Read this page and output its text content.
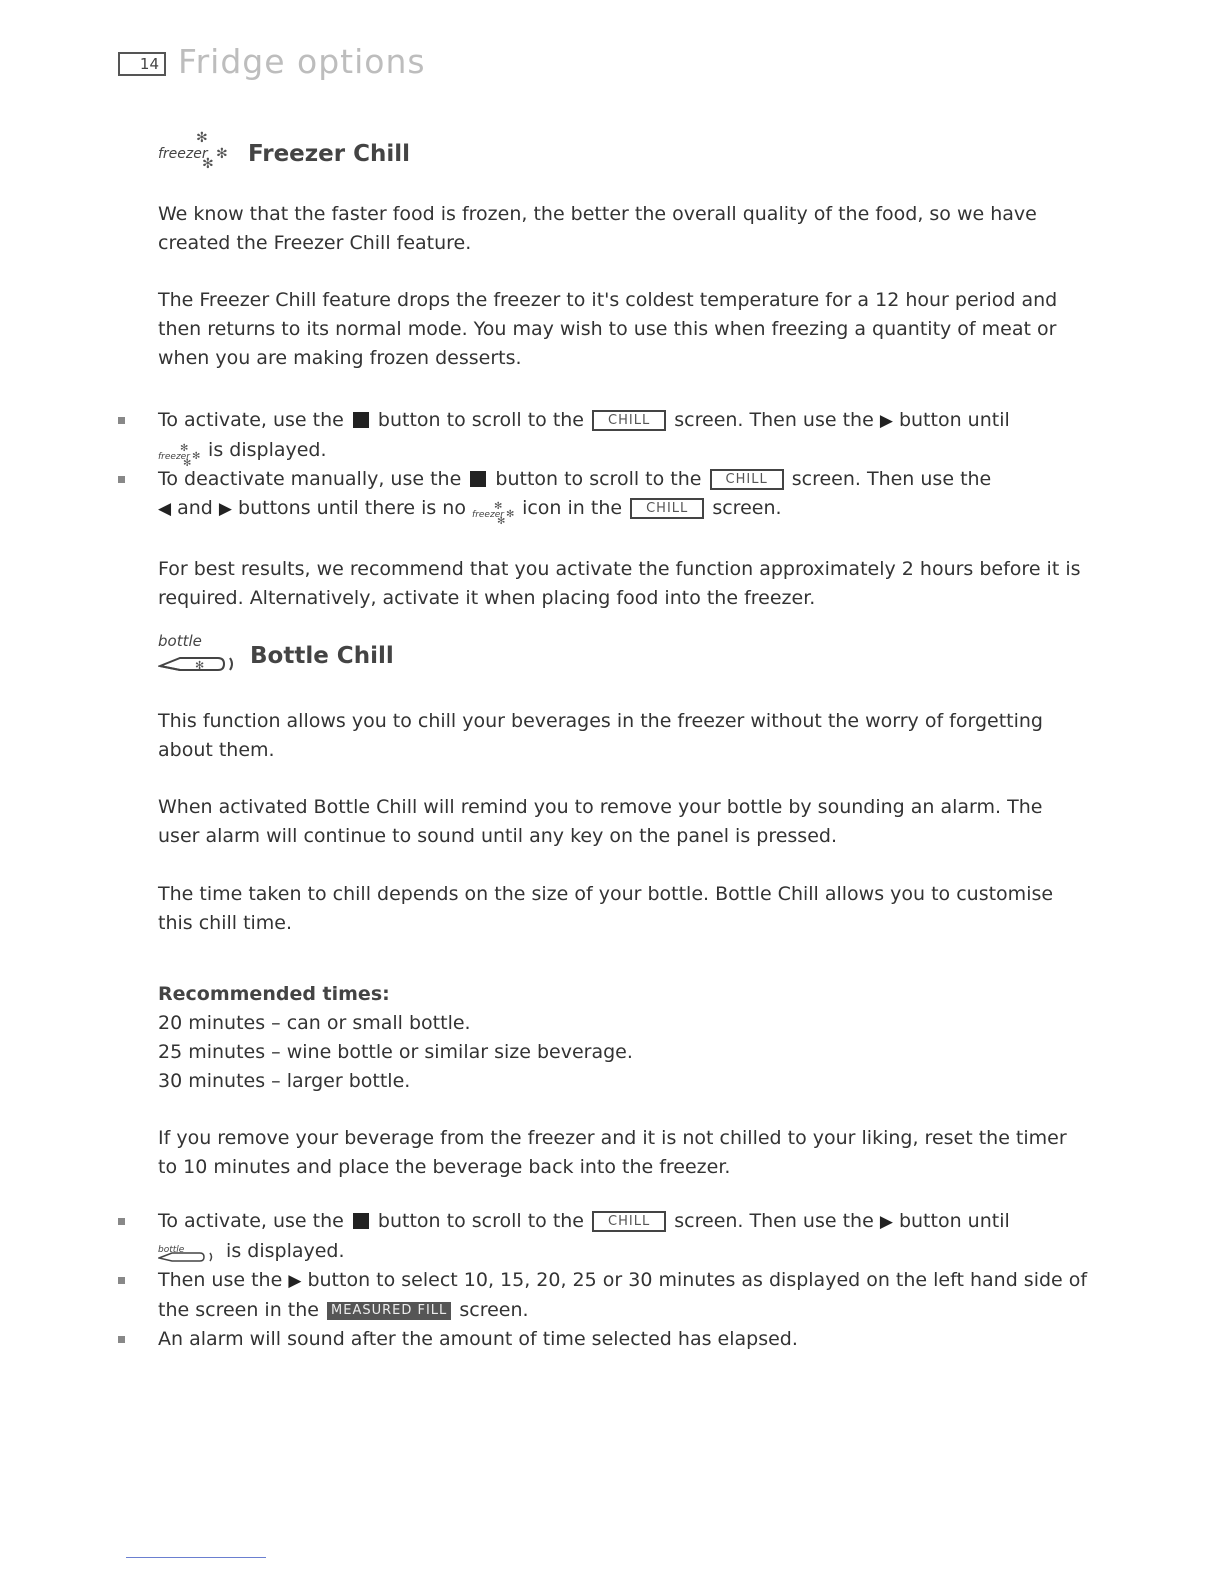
14 Fridge options
freezer
✻
✻
✻ Freezer Chill

We know that the faster food is frozen, the better the overall quality of the food, so we have created the Freezer Chill feature.

The Freezer Chill feature drops the freezer to it's coldest temperature for a 12 hour period and then returns to its normal mode. You may wish to use this when freezing a quantity of meat or when you are making frozen desserts.

To activate, use the button to scroll to the CHILL screen. Then use the ▶ button until

freezer
✻
✻
✻
is displayed.
To deactivate manually, use the button to scroll to the CHILL screen. Then use the
◀ and ▶ buttons until there is no freezer
✻
✻
✻
icon in the CHILL screen.

For best results, we recommend that you activate the function approximately 2 hours before it is required. Alternatively, activate it when placing food into the freezer.

bottle
✻ Bottle Chill

This function allows you to chill your beverages in the freezer without the worry of forgetting about them.

When activated Bottle Chill will remind you to remove your bottle by sounding an alarm. The user alarm will continue to sound until any key on the panel is pressed.

The time taken to chill depends on the size of your bottle. Bottle Chill allows you to customise this chill time.

Recommended times:

20 minutes – can or small bottle.

25 minutes – wine bottle or similar size beverage.

30 minutes – larger bottle.

If you remove your beverage from the freezer and it is not chilled to your liking, reset the timer to 10 minutes and place the beverage back into the freezer.

To activate, use the button to scroll to the CHILL screen. Then use the ▶ button until

bottle is displayed.
Then use the ▶ button to select 10, 15, 20, 25 or 30 minutes as displayed on the left hand side of the screen in the MEASURED FILL screen.
An alarm will sound after the amount of time selected has elapsed.
